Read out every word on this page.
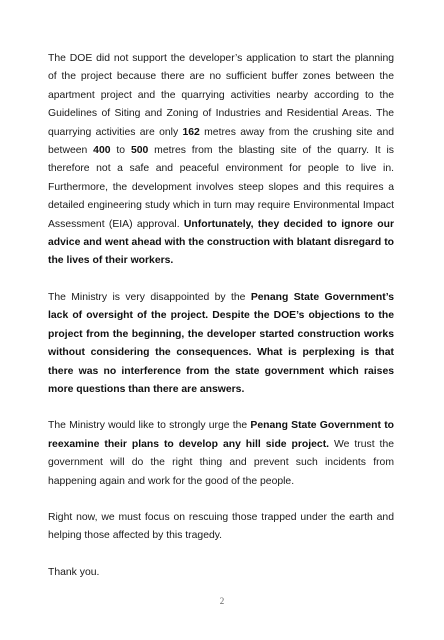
The DOE did not support the developer’s application to start the planning of the project because there are no sufficient buffer zones between the apartment project and the quarrying activities nearby according to the Guidelines of Siting and Zoning of Industries and Residential Areas. The quarrying activities are only 162 metres away from the crushing site and between 400 to 500 metres from the blasting site of the quarry. It is therefore not a safe and peaceful environment for people to live in. Furthermore, the development involves steep slopes and this requires a detailed engineering study which in turn may require Environmental Impact Assessment (EIA) approval. Unfortunately, they decided to ignore our advice and went ahead with the construction with blatant disregard to the lives of their workers.

The Ministry is very disappointed by the Penang State Government’s lack of oversight of the project. Despite the DOE’s objections to the project from the beginning, the developer started construction works without considering the consequences. What is perplexing is that there was no interference from the state government which raises more questions than there are answers.

The Ministry would like to strongly urge the Penang State Government to reexamine their plans to develop any hill side project. We trust the government will do the right thing and prevent such incidents from happening again and work for the good of the people.

Right now, we must focus on rescuing those trapped under the earth and helping those affected by this tragedy.

Thank you.

2
